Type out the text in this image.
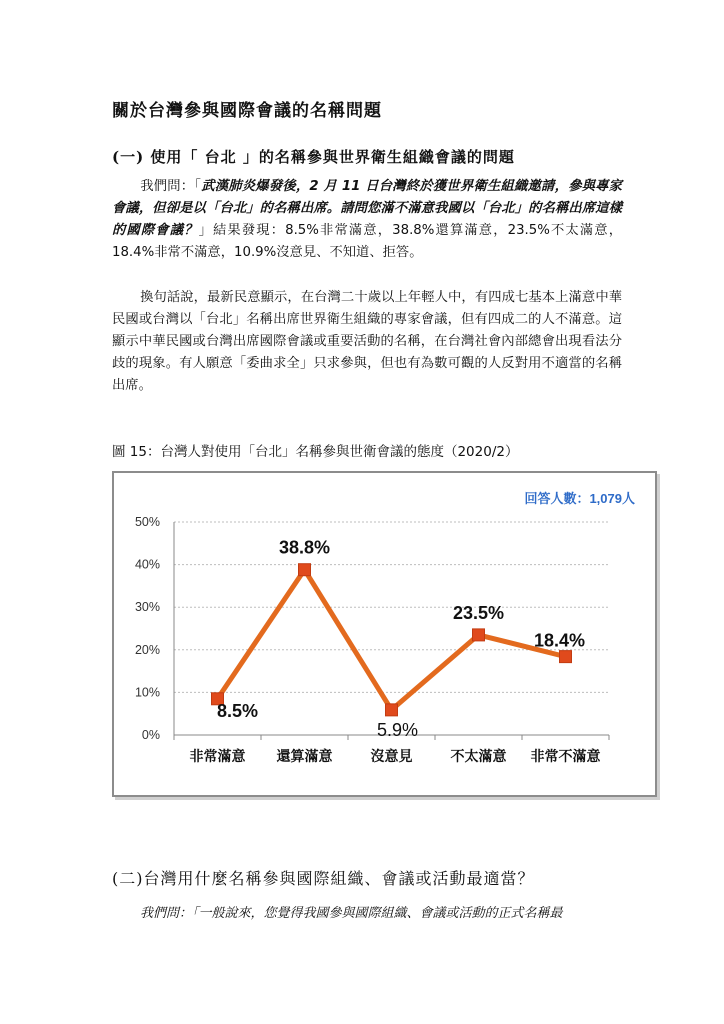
關於台灣參與國際會議的名稱問題
(一) 使用「 台北 」的名稱參與世界衛生組織會議的問題
我們問：「武漢肺炎爆發後，2 月 11 日台灣終於獲世界衛生組織邀請，參與專家會議，但卻是以「台北」的名稱出席。請問您滿不滿意我國以「台北」的名稱出席這樣的國際會議？」結果發現：8.5%非常滿意，38.8%還算滿意，23.5%不太滿意，18.4%非常不滿意，10.9%沒意見、不知道、拒答。
換句話說，最新民意顯示，在台灣二十歲以上年輕人中，有四成七基本上滿意中華民國或台灣以「台北」名稱出席世界衛生組織的專家會議，但有四成二的人不滿意。這顯示中華民國或台灣出席國際會議或重要活動的名稱，在台灣社會內部總會出現看法分歧的現象。有人願意「委曲求全」只求參與，但也有為數可觀的人反對用不適當的名稱出席。
圖 15：台灣人對使用「台北」名稱參與世衛會議的態度（2020/2）
0%
10%
20%
30%
40%
50%
非常滿意 還算滿意	沒意見	不太滿意 非常不滿意
8.5%
38.8%
5.9%
23.5%
18.4%
回答人數：1,079人
(二)台灣用什麼名稱參與國際組織、會議或活動最適當？
我們問：「一般說來，您覺得我國參與國際組織、會議或活動的正式名稱最
